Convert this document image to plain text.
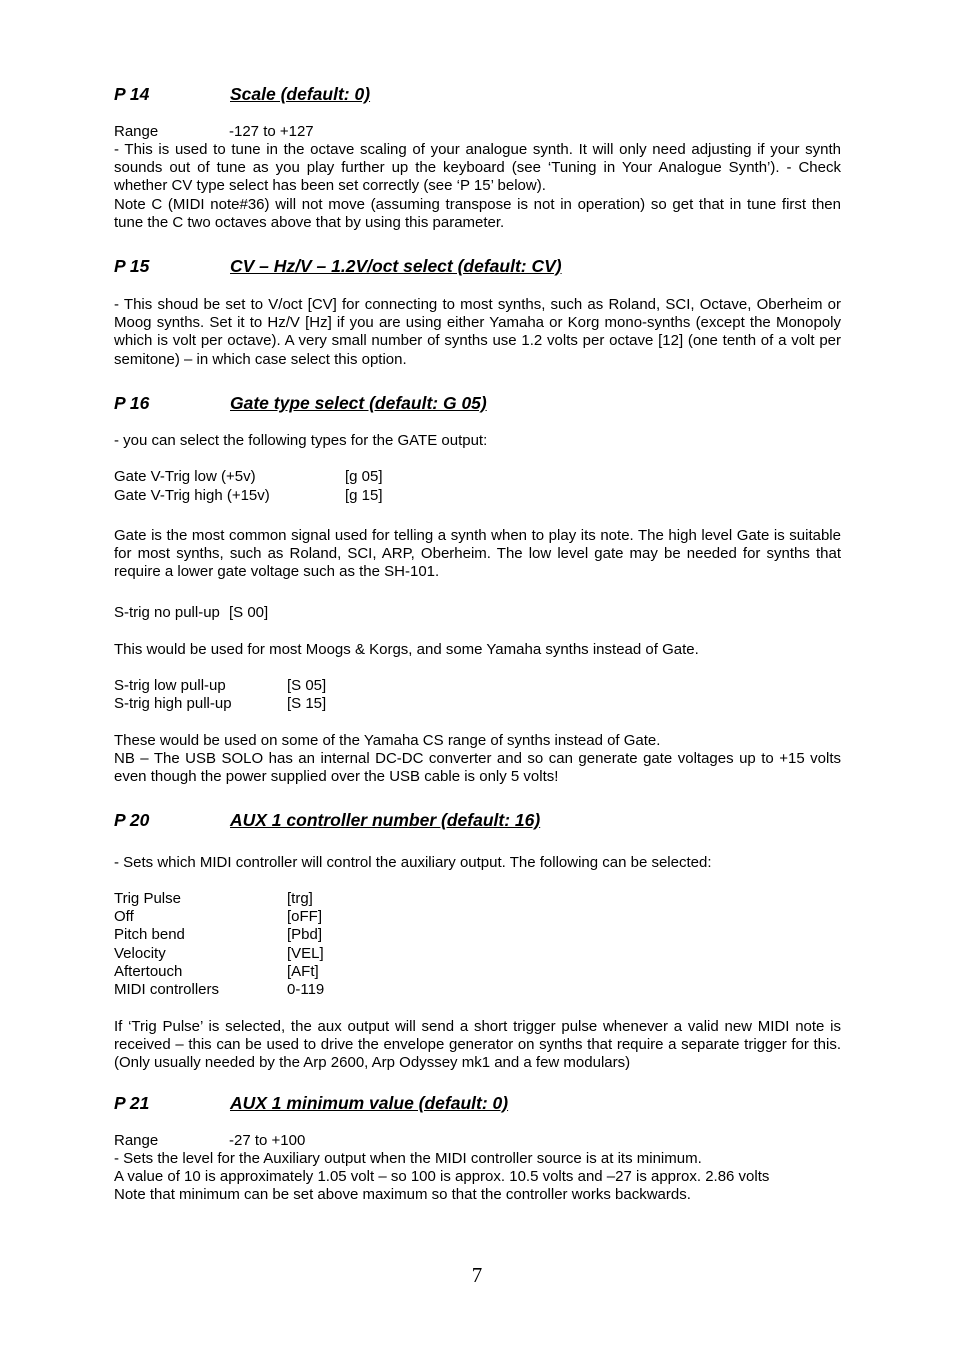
P 14	Scale (default: 0)
Range	-127 to +127

- This is used to tune in the octave scaling of your analogue synth. It will only need adjusting if your synth sounds out of tune as you play further up the keyboard (see ‘Tuning in Your Analogue Synth’). - Check whether CV type select has been set correctly (see ‘P 15’ below).

Note C (MIDI note#36) will not move (assuming transpose is not in operation) so get that in tune first then tune the C two octaves above that by using this parameter.

P 15	CV – Hz/V – 1.2V/oct select (default: CV)

- This shoud be set to V/oct [CV] for connecting to most synths, such as Roland, SCI, Octave, Oberheim or Moog synths. Set it to Hz/V [Hz] if you are using either Yamaha or Korg mono-synths (except the Monopoly which is volt per octave). A very small number of synths use 1.2 volts per octave [12] (one tenth of a volt per semitone) – in which case select this option.

P 16	Gate type select (default: G 05)
- you can select the following types for the GATE output:
Gate V-Trig low (+5v)	[g 05]
Gate V-Trig high (+15v)	[g 15]

Gate is the most common signal used for telling a synth when to play its note. The high level Gate is suitable for most synths, such as Roland, SCI, ARP, Oberheim. The low level gate may be needed for synths that require a lower gate voltage such as the SH-101.

S-trig no pull-up [S 00]
This would be used for most Moogs & Korgs, and some Yamaha synths instead of Gate.
S-trig low pull-up	[S 05]
S-trig high pull-up	[S 15]

These would be used on some of the Yamaha CS range of synths instead of Gate.

NB – The USB SOLO has an internal DC-DC converter and so can generate gate voltages up to +15 volts even though the power supplied over the USB cable is only 5 volts!

P 20	AUX 1 controller number (default: 16)
- Sets which MIDI controller will control the auxiliary output. The following can be selected:
Trig Pulse	[trg]
Off	[oFF]
Pitch bend	[Pbd]
Velocity	[VEL]
Aftertouch	[AFt]
MIDI controllers	0-119

If ‘Trig Pulse’ is selected, the aux output will send a short trigger pulse whenever a valid new MIDI note is received – this can be used to drive the envelope generator on synths that require a separate trigger for this. (Only usually needed by the Arp 2600, Arp Odyssey mk1 and a few modulars)

P 21	AUX 1 minimum value (default: 0)
Range	-27 to +100
- Sets the level for the Auxiliary output when the MIDI controller source is at its minimum.
A value of 10 is approximately 1.05 volt – so 100 is approx. 10.5 volts and –27 is approx. 2.86 volts
Note that minimum can be set above maximum so that the controller works backwards.
7
